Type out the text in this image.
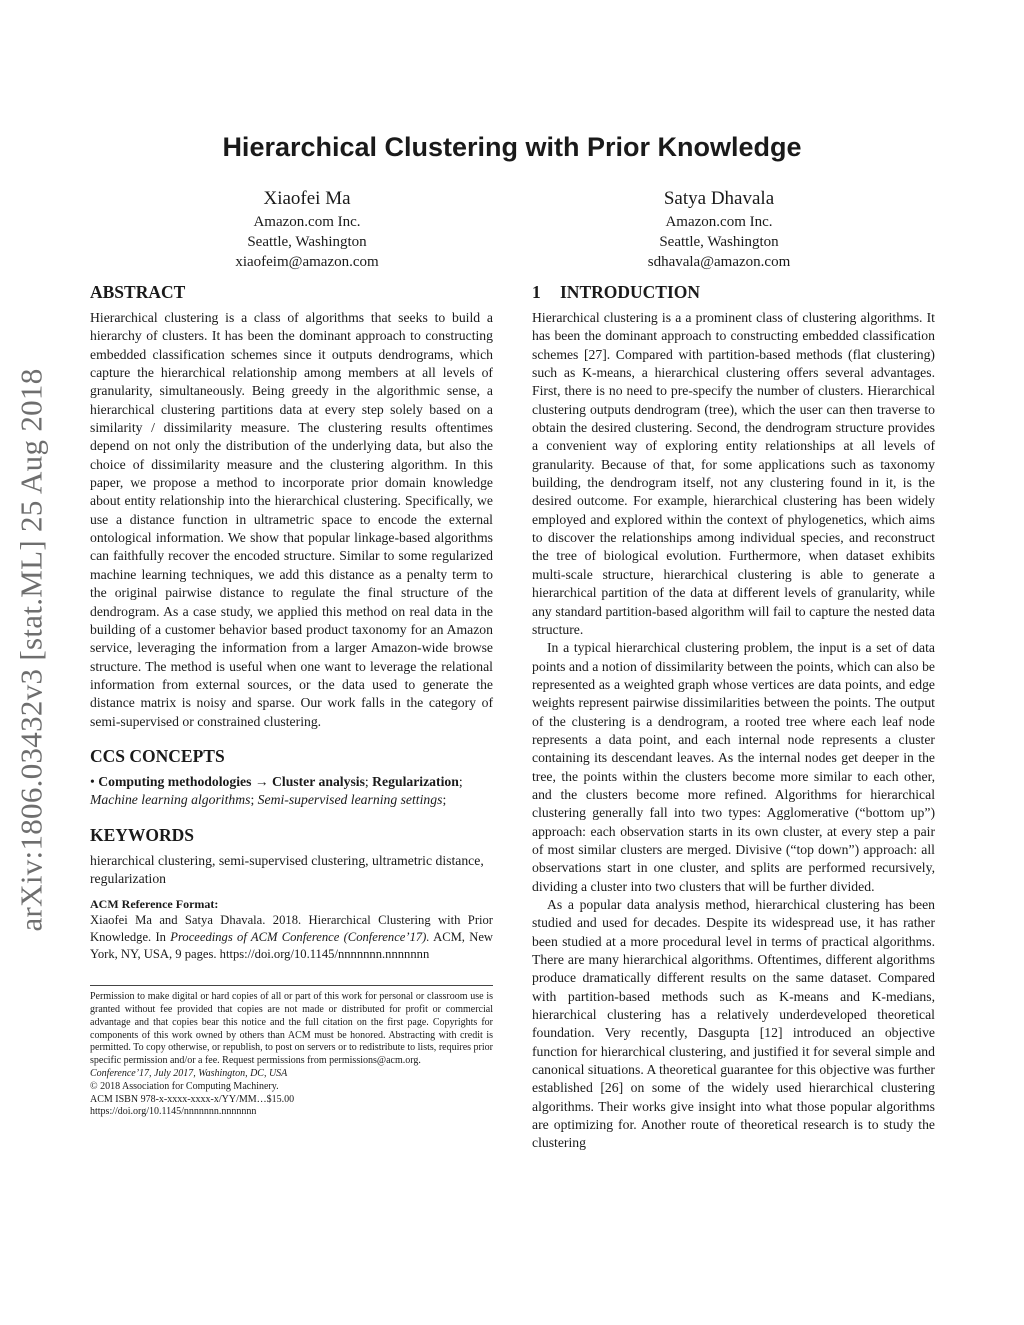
arXiv:1806.03432v3 [stat.ML] 25 Aug 2018
Hierarchical Clustering with Prior Knowledge
Xiaofei Ma
Amazon.com Inc.
Seattle, Washington
xiaofeim@amazon.com
Satya Dhavala
Amazon.com Inc.
Seattle, Washington
sdhavala@amazon.com
ABSTRACT

Hierarchical clustering is a class of algorithms that seeks to build a hierarchy of clusters. It has been the dominant approach to constructing embedded classification schemes since it outputs dendrograms, which capture the hierarchical relationship among members at all levels of granularity, simultaneously. Being greedy in the algorithmic sense, a hierarchical clustering partitions data at every step solely based on a similarity / dissimilarity measure. The clustering results oftentimes depend on not only the distribution of the underlying data, but also the choice of dissimilarity measure and the clustering algorithm. In this paper, we propose a method to incorporate prior domain knowledge about entity relationship into the hierarchical clustering. Specifically, we use a distance function in ultrametric space to encode the external ontological information. We show that popular linkage-based algorithms can faithfully recover the encoded structure. Similar to some regularized machine learning techniques, we add this distance as a penalty term to the original pairwise distance to regulate the final structure of the dendrogram. As a case study, we applied this method on real data in the building of a customer behavior based product taxonomy for an Amazon service, leveraging the information from a larger Amazon-wide browse structure. The method is useful when one want to leverage the relational information from external sources, or the data used to generate the distance matrix is noisy and sparse. Our work falls in the category of semi-supervised or constrained clustering.

CCS CONCEPTS
• Computing methodologies → Cluster analysis; Regularization; Machine learning algorithms; Semi-supervised learning settings;
KEYWORDS

hierarchical clustering, semi-supervised clustering, ultrametric distance, regularization

ACM Reference Format:
Xiaofei Ma and Satya Dhavala. 2018. Hierarchical Clustering with Prior Knowledge. In Proceedings of ACM Conference (Conference’17). ACM, New York, NY, USA, 9 pages. https://doi.org/10.1145/nnnnnnn.nnnnnnn
Permission to make digital or hard copies of all or part of this work for personal or classroom use is granted without fee provided that copies are not made or distributed for profit or commercial advantage and that copies bear this notice and the full citation on the first page. Copyrights for components of this work owned by others than ACM must be honored. Abstracting with credit is permitted. To copy otherwise, or republish, to post on servers or to redistribute to lists, requires prior specific permission and/or a fee. Request permissions from permissions@acm.org.
Conference’17, July 2017, Washington, DC, USA
© 2018 Association for Computing Machinery.
ACM ISBN 978-x-xxxx-xxxx-x/YY/MM…$15.00
https://doi.org/10.1145/nnnnnnn.nnnnnnn
1 INTRODUCTION

Hierarchical clustering is a a prominent class of clustering algorithms. It has been the dominant approach to constructing embedded classification schemes [27]. Compared with partition-based methods (flat clustering) such as K-means, a hierarchical clustering offers several advantages. First, there is no need to pre-specify the number of clusters. Hierarchical clustering outputs dendrogram (tree), which the user can then traverse to obtain the desired clustering. Second, the dendrogram structure provides a convenient way of exploring entity relationships at all levels of granularity. Because of that, for some applications such as taxonomy building, the dendrogram itself, not any clustering found in it, is the desired outcome. For example, hierarchical clustering has been widely employed and explored within the context of phylogenetics, which aims to discover the relationships among individual species, and reconstruct the tree of biological evolution. Furthermore, when dataset exhibits multi-scale structure, hierarchical clustering is able to generate a hierarchical partition of the data at different levels of granularity, while any standard partition-based algorithm will fail to capture the nested data structure.

In a typical hierarchical clustering problem, the input is a set of data points and a notion of dissimilarity between the points, which can also be represented as a weighted graph whose vertices are data points, and edge weights represent pairwise dissimilarities between the points. The output of the clustering is a dendrogram, a rooted tree where each leaf node represents a data point, and each internal node represents a cluster containing its descendant leaves. As the internal nodes get deeper in the tree, the points within the clusters become more similar to each other, and the clusters become more refined. Algorithms for hierarchical clustering generally fall into two types: Agglomerative (“bottom up”) approach: each observation starts in its own cluster, at every step a pair of most similar clusters are merged. Divisive (“top down”) approach: all observations start in one cluster, and splits are performed recursively, dividing a cluster into two clusters that will be further divided.

As a popular data analysis method, hierarchical clustering has been studied and used for decades. Despite its widespread use, it has rather been studied at a more procedural level in terms of practical algorithms. There are many hierarchical algorithms. Oftentimes, different algorithms produce dramatically different results on the same dataset. Compared with partition-based methods such as K-means and K-medians, hierarchical clustering has a relatively underdeveloped theoretical foundation. Very recently, Dasgupta [12] introduced an objective function for hierarchical clustering, and justified it for several simple and canonical situations. A theoretical guarantee for this objective was further established [26] on some of the widely used hierarchical clustering algorithms. Their works give insight into what those popular algorithms are optimizing for. Another route of theoretical research is to study the clustering
